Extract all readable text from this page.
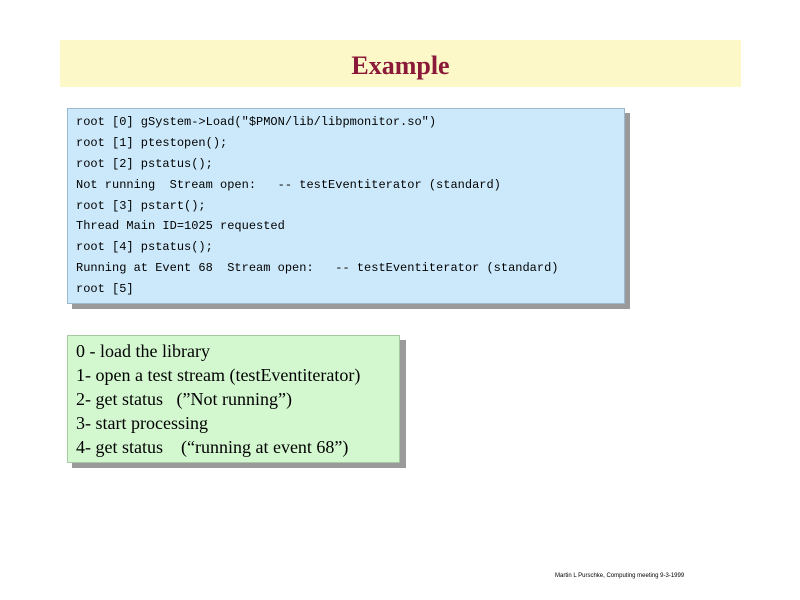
Example
root [0] gSystem->Load("$PMON/lib/libpmonitor.so")
root [1] ptestopen();
root [2] pstatus();
Not running  Stream open:   -- testEventiterator (standard)
root [3] pstart();
Thread Main ID=1025 requested
root [4] pstatus();
Running at Event 68  Stream open:   -- testEventiterator (standard)
root [5]
0 - load the library
1- open a test stream (testEventiterator)
2- get status   (”Not running”)
3- start processing
4- get status    (“running at event 68”)
Martin L Purschke, Computing meeting 9-3-1999
